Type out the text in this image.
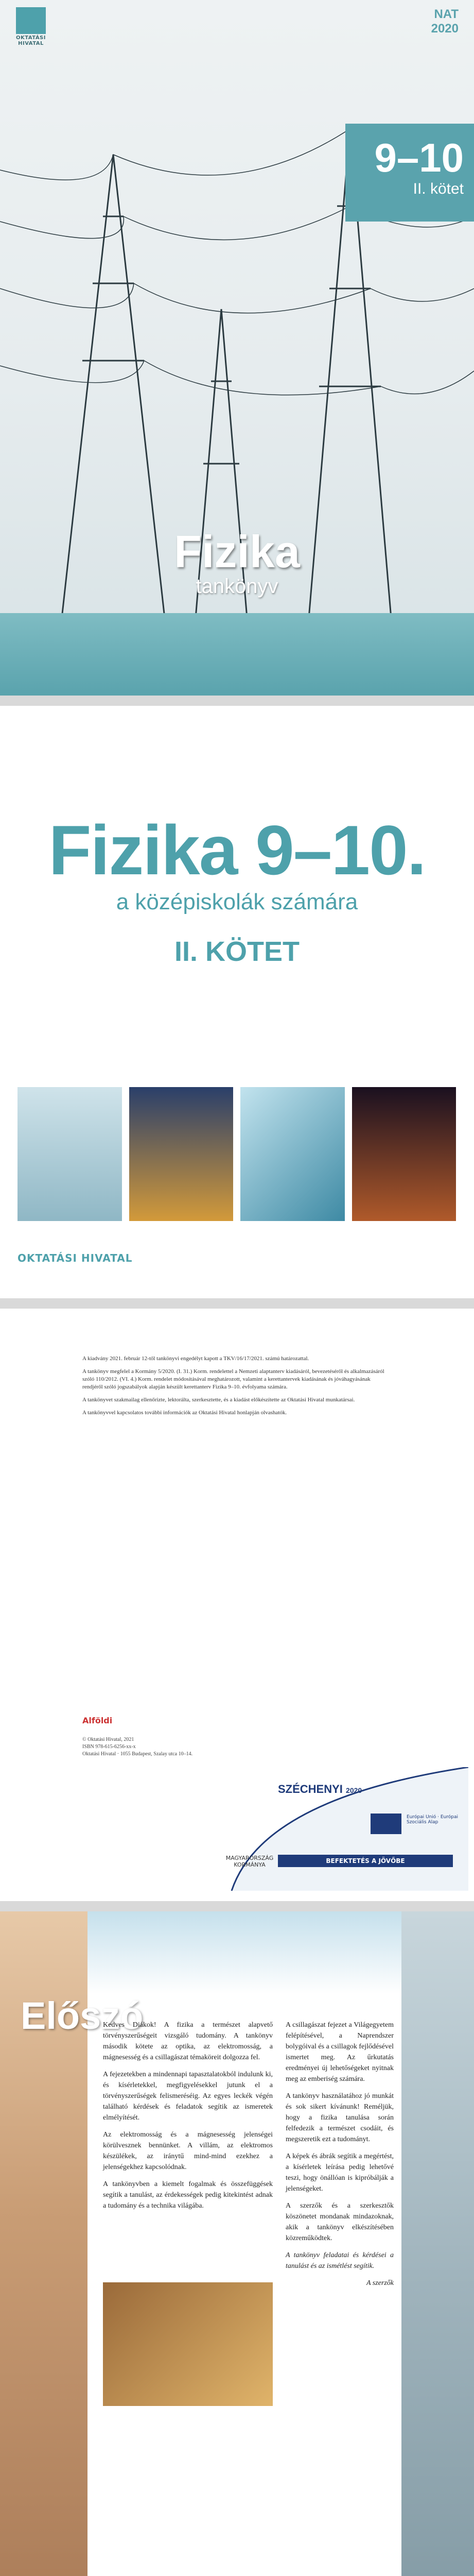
OKTATÁSI HIVATAL
NAT
2020
9–10
II. kötet
Fizika
tankönyv
Fizika 9–10.
a középiskolák számára
II. KÖTET
OKTATÁSI HIVATAL

A kiadvány 2021. február 12-től tankönyvi engedélyt kapott a TKV/16/17/2021. számú határozattal.

A tankönyv megfelel a Kormány 5/2020. (I. 31.) Korm. rendelettel a Nemzeti alaptanterv kiadásáról, bevezetéséről és alkalmazásáról szóló 110/2012. (VI. 4.) Korm. rendelet módosításával meghatározott, valamint a kerettantervek kiadásának és jóváhagyásának rendjéről szóló jogszabályok alapján készült kerettanterv Fizika 9–10. évfolyama számára.

A tankönyvet szakmailag ellenőrizte, lektorálta, szerkesztette, és a kiadást előkészítette az Oktatási Hivatal munkatársai.

A tankönyvvel kapcsolatos további információk az Oktatási Hivatal honlapján olvashatók.

Alföldi
© Oktatási Hivatal, 2021
ISBN 978-615-6256-xx-x
Oktatási Hivatal · 1055 Budapest, Szalay utca 10–14.
SZÉCHENYI 2020
Európai Unió · Európai Szociális Alap
MAGYARORSZÁG KORMÁNYA
BEFEKTETÉS A JÖVŐBE
Előszó

Kedves Diákok! A fizika a természet alapvető törvényszerűségeit vizsgáló tudomány. A tankönyv második kötete az optika, az elektromosság, a mágnesesség és a csillagászat témaköreit dolgozza fel.

A fejezetekben a mindennapi tapasztalatokból indulunk ki, és kísérletekkel, megfigyelésekkel jutunk el a törvényszerűségek felismeréséig. Az egyes leckék végén található kérdések és feladatok segítik az ismeretek elmélyítését.

Az elektromosság és a mágnesesség jelenségei körülvesznek bennünket. A villám, az elektromos készülékek, az iránytű mind-mind ezekhez a jelenségekhez kapcsolódnak.

A tankönyvben a kiemelt fogalmak és összefüggések segítik a tanulást, az érdekességek pedig kitekintést adnak a tudomány és a technika világába.

A csillagászat fejezet a Világegyetem felépítésével, a Naprendszer bolygóival és a csillagok fejlődésével ismertet meg. Az űrkutatás eredményei új lehetőségeket nyitnak meg az emberiség számára.

A tankönyv használatához jó munkát és sok sikert kívánunk! Reméljük, hogy a fizika tanulása során felfedezik a természet csodáit, és megszeretik ezt a tudományt.

A képek és ábrák segítik a megértést, a kísérletek leírása pedig lehetővé teszi, hogy önállóan is kipróbálják a jelenségeket.

A szerzők és a szerkesztők köszönetet mondanak mindazoknak, akik a tankönyv elkészítésében közreműködtek.

A tankönyv feladatai és kérdései a tanulást és az ismétlést segítik.

A szerzők
